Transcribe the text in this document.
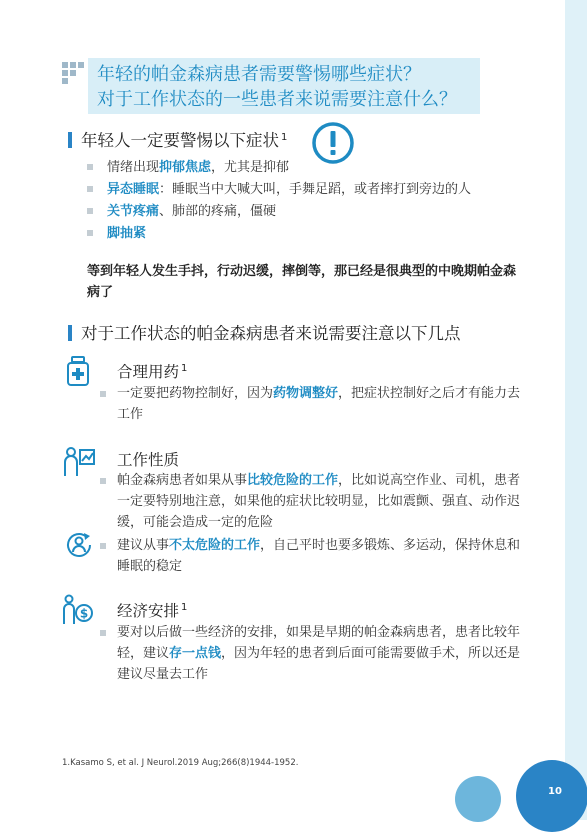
年轻的帕金森病患者需要警惕哪些症状？
对于工作状态的一些患者来说需要注意什么？
年轻人一定要警惕以下症状 $^1$
情绪出现抑郁焦虑，尤其是抑郁
异态睡眠：睡眠当中大喊大叫，手舞足蹈，或者摔打到旁边的人
关节疼痛、肺部的疼痛，僵硬
脚抽紧
等到年轻人发生手抖，行动迟缓，摔倒等，那已经是很典型的中晚期帕金森病了
对于工作状态的帕金森病患者来说需要注意以下几点
合理用药 $^1$
一定要把药物控制好，因为药物调整好，把症状控制好之后才有能力去工作
工作性质
帕金森病患者如果从事比较危险的工作，比如说高空作业、司机，患者一定要特别地注意，如果他的症状比较明显，比如震颤、强直、动作迟缓，可能会造成一定的危险
建议从事不太危险的工作，自己平时也要多锻炼、多运动，保持休息和睡眠的稳定
$ 经济安排 $^1$
要对以后做一些经济的安排，如果是早期的帕金森病患者，患者比较年轻，建议存一点钱，因为年轻的患者到后面可能需要做手术，所以还是建议尽量去工作
1.Kasamo S, et al. J Neurol.2019 Aug;266(8)1944-1952.
10
